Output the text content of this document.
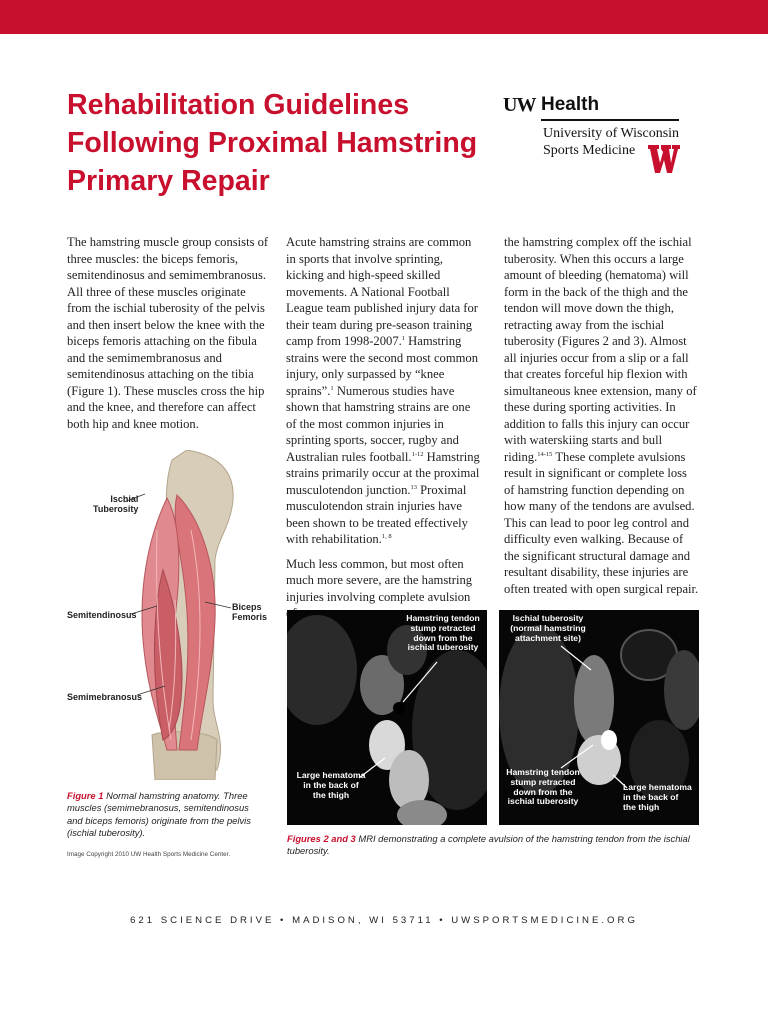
Rehabilitation Guidelines Following Proximal Hamstring Primary Repair
UW Health
University of Wisconsin
Sports Medicine

The hamstring muscle group consists of three muscles: the biceps femoris, semitendinosus and semimembranosus. All three of these muscles originate from the ischial tuberosity of the pelvis and then insert below the knee with the biceps femoris attaching on the fibula and the semimembranosus and semitendinosus attaching on the tibia (Figure 1). These muscles cross the hip and the knee, and therefore can affect both hip and knee motion.

Acute hamstring strains are common in sports that involve sprinting, kicking and high-speed skilled movements. A National Football League team published injury data for their team during pre-season training camp from 1998-2007.$^1$ Hamstring strains were the second most common injury, only surpassed by “knee sprains”.$^1$ Numerous studies have shown that hamstring strains are one of the most common injuries in sprinting sports, soccer, rugby and Australian rules football.$^{1-12}$ Hamstring strains primarily occur at the proximal musculotendon junction.$^{13}$ Proximal musculotendon strain injuries have been shown to be treated effectively with rehabilitation.$^{1, 8}$

Much less common, but most often much more severe, are the hamstring injuries involving complete avulsion

the hamstring complex off the ischial tuberosity. When this occurs a large amount of bleeding (hematoma) will form in the back of the thigh and the tendon will move down the thigh, retracting away from the ischial tuberosity (Figures 2 and 3). Almost all injuries occur from a slip or a fall that creates forceful hip flexion with simultaneous knee extension, many of these during sporting activities. In addition to falls this injury can occur with waterskiing starts and bull riding.$^{14-15}$ These complete avulsions result in significant or complete loss of hamstring function depending on how many of the tendons are avulsed. This can lead to poor leg control and difficulty even walking. Because of the significant structural damage and resultant disability, these injuries are often treated with open surgical repair.

Ischial
Tuberosity
Semitendinosus
Biceps
Femoris
Semimebranosus

Figure 1 Normal hamstring anatomy. Three muscles (semimebranosus, semitendinosus and biceps femoris) originate from the pelvis (ischial tuberosity).

Image Copyright 2010 UW Health Sports Medicine Center.
Hamstring tendon
stump retracted
down from the
ischial tuberosity
Large hematoma
in the back of
the thigh
Ischial tuberosity
(normal hamstring
attachment site)
Hamstring tendon
stump retracted
down from the
ischial tuberosity
Large hematoma
in the back of
the thigh

Figures 2 and 3 MRI demonstrating a complete avulsion of the hamstring tendon from the ischial tuberosity.

621 SCIENCE DRIVE • MADISON, WI 53711 • UWSPORTSMEDICINE.ORG
